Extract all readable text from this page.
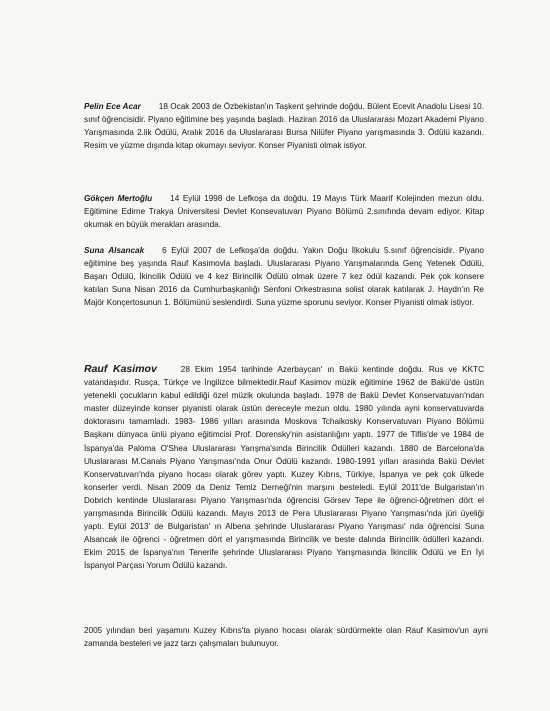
Pelin Ece Acar 18 Ocak 2003 de Özbekistan'ın Taşkent şehrinde doğdu. Bülent Ecevit Anadolu Lisesi 10. sınıf öğrencisidir. Piyano eğitimine beş yaşında başladı. Haziran 2016 da Uluslararası Mozart Akademi Piyano Yarışmasında 2.lik Ödülü, Aralık 2016 da Uluslararası Bursa Nilüfer Piyano yarışmasında 3. Ödülü kazandı. Resim ve yüzme dışında kitap okumayı seviyor. Konser Piyanisti olmak istiyor.

Gökçen Mertoğlu 14 Eylül 1998 de Lefkoşa da doğdu. 19 Mayıs Türk Maarif Kolejinden mezun oldu. Eğitimine Edirne Trakya Üniversitesi Devlet Konsevatuvarı Piyano Bölümü 2.sınıfında devam ediyor. Kitap okumak en büyük merakları arasında.

Suna Alsancak 6 Eylül 2007 de Lefkoşa'da doğdu. Yakın Doğu İlkokulu 5.sınıf öğrencisidir. Piyano eğitimine beş yaşında Rauf Kasimovla başladı. Uluslararası Piyano Yarışmalarında Genç Yetenek Ödülü, Başarı Ödülü, İkincilik Ödülü ve 4 kez Birincilik Ödülü olmak üzere 7 kez ödül kazandı. Pek çok konsere katılan Suna Nisan 2016 da Cumhurbaşkanlığı Senfoni Orkestrasına solist olarak katılarak J. Haydn'ın Re Majör Konçertosunun 1. Bölümünü seslendirdi. Suna yüzme sporunu seviyor. Konser Piyanisti olmak istiyor.

Rauf Kasimov	28 Ekim 1954 tarihinde Azerbaycan' ın Bakü kentinde doğdu. Rus ve KKTC vatandaşıdır. Rusça, Türkçe ve İngilizce bilmektedir.Rauf Kasimov müzik eğitimine 1962 de Bakü'de üstün yetenekli çocukların kabul edildiği özel müzik okulunda başladı. 1978 de Bakü Devlet Konservatuvarı'ndan master düzeyinde konser piyanisti olarak üstün dereceyle mezun oldu. 1980 yılında ayni konservatuvarda doktorasını tamamladı. 1983- 1986 yılları arasında Moskova Tchaikosky Konservatuvarı Piyano Bölümü Başkanı dünyaca ünlü piyano eğitimcisi Prof. Dorensky'nin asistanlığını yaptı. 1977 de Tiflis'de ve 1984 de İspanya'da Paloma O'Shea Uluslararası Yarışma'sında Birincilik Ödülleri kazandı. 1880 de Barcelona'da Uluslararası M.Canals Piyano Yarışması'nda Onur Ödülü kazandı. 1980-1991 yılları arasında Bakü Devlet Konservatuvarı'nda piyano hocası olarak görev yaptı. Kuzey Kıbrıs, Türkiye, İspanya ve pek çok ülkede konserler verdi. Nisan 2009 da Deniz Temiz Derneği'nin marşını besteledi. Eylül 2011'de Bulgaristan'ın Dobrich kentinde Uluslararası Piyano Yarışması'nda öğrencisi Görsev Tepe ile öğrenci-öğretmen dört el yarışmasında Birincilik Ödülü kazandı. Mayıs 2013 de Pera Uluslararası Piyano Yarışması'nda jüri üyeliği yaptı. Eylül 2013' de Bulgaristan' ın Albena şehrinde Uluslararası Piyano Yarışması' nda öğrencisi Suna Alsancak ile öğrenci - öğretmen dört el yarışmasında Birincilik ve beste dalında Birincilik ödülleri kazandı. Ekim 2015 de İspanya'nın Tenerife şehrinde Uluslararası Piyano Yarışmasında İkincilik Ödülü ve En İyi İspanyol Parçası Yorum Ödülü kazandı.

2005 yılından beri yaşamını Kuzey Kıbrıs'ta piyano hocası olarak sürdürmekte olan Rauf Kasimov'un ayni zamanda besteleri ve jazz tarzı çalışmaları bulunuyor.
